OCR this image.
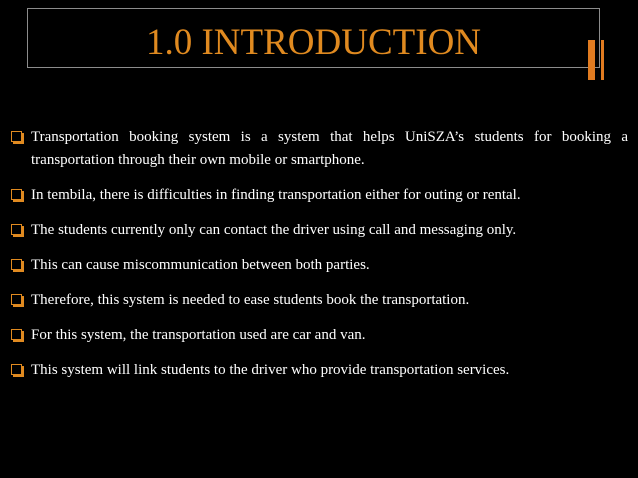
1.0 INTRODUCTION
Transportation booking system is a system that helps UniSZA’s students for booking a transportation through their own mobile or smartphone.
In tembila, there is difficulties in finding transportation either for outing or rental.
The students currently only can contact the driver using call and messaging only.
This can cause miscommunication between both parties.
Therefore, this system is needed to ease students book the transportation.
For this system, the transportation used are car and van.
This system will link students to the driver who provide transportation services.
